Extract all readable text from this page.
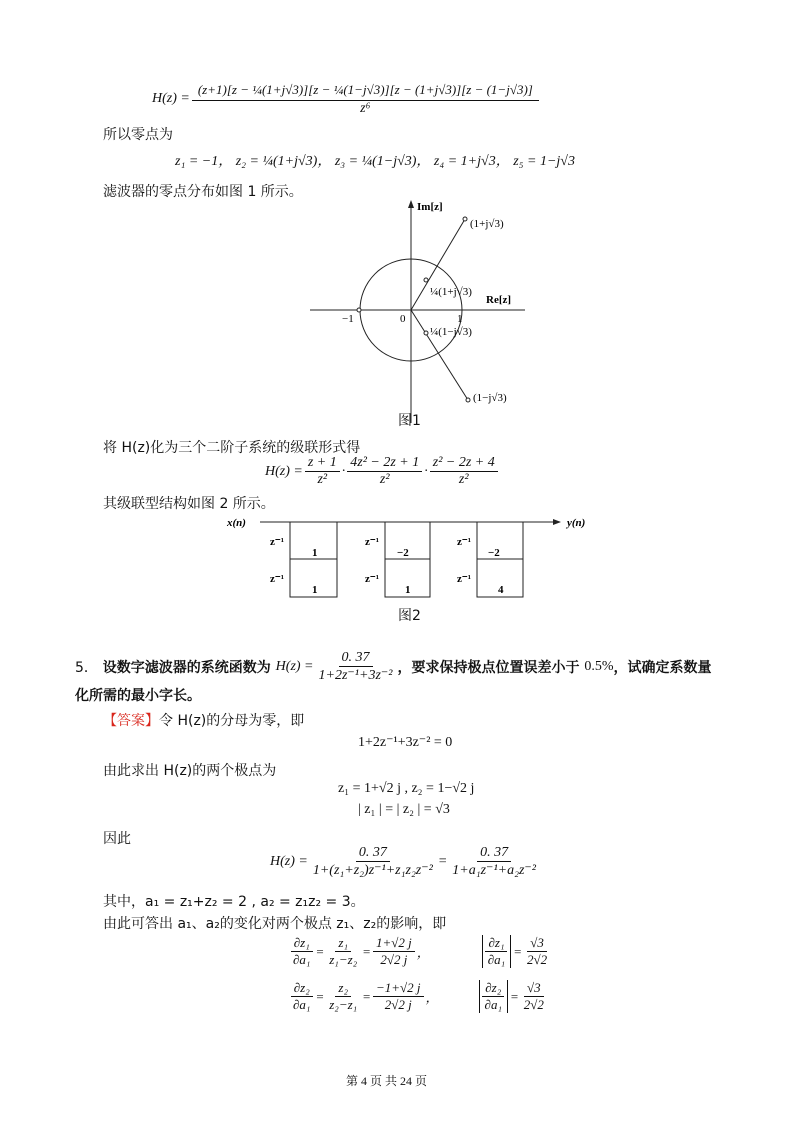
$H(z) = \frac{\text{(z+1)[z − ¼(1+j√3)][z − ¼(1−j√3)][z − (1+j√3)][z − (1−j√3)]}}{\text{z⁶}}$
所以零点为
z₁ = −1， z₂ = ¼(1+j√3)， z₃ = ¼(1−j√3)， z₄ = 1+j√3， z₅ = 1−j√3
滤波器的零点分布如图 1 所示。
Im[z]
Re[z]
−1	0	1
(1+j√3)
(1−j√3)
¼(1+j√3)
¼(1−j√3)
图1
将 H(z)化为三个二阶子系统的级联形式得
$H(z) = \frac{z + 1}{\text{z²}} \cdot \frac{\text{4z² − 2z + 1}}{\text{z²}} \cdot \frac{\text{z² − 2z + 4}}{\text{z²}}$
其级联型结构如图 2 所示。
x(n)	y(n)
z⁻¹
z⁻¹
z⁻¹
z⁻¹
z⁻¹
z⁻¹
1
1
−2
1
−2
4
图2
5．
设数字滤波器的系统函数为
$H(z) = \frac{0. 37}{\text{1+2z⁻¹+3z⁻²}}$ ，要求保持极点位置误差小于
0.5% ，试确定系数量
化所需的最小字长。
【答案】令 H(z)的分母为零，即
1+2z⁻¹+3z⁻² = 0
由此求出 H(z)的两个极点为
z₁ = 1+√2 j , z₂ = 1−√2 j
| z₁ | = | z₂ | = √3
因此
$H(z) = \frac{0. 37}{\text{1+(z₁+z₂)z⁻¹+z₁z₂z⁻²}} = \frac{0. 37}{\text{1+a₁z⁻¹+a₂z⁻²}}$
其中，a₁ = z₁+z₂ = 2 , a₂ = z₁z₂ = 3。
由此可答出 a₁、a₂的变化对两个极点 z₁、z₂的影响，即
$\frac{\text{∂z₁}}{\text{∂a₁}} = \frac{\text{z₁}}{\text{z₁−z₂}} = \frac{1+√2 j}{2√2 j}$ ，	$\frac{\text{∂z₁}}{\text{∂a₁}} = \frac{√3}{2√2}$
$\frac{\text{∂z₂}}{\text{∂a₁}} = \frac{\text{z₂}}{\text{z₂−z₁}} = \frac{-1+√2 j}{2√2 j}$ ，	$\frac{\text{∂z₂}}{\text{∂a₁}} = \frac{√3}{2√2}$
第 4 页 共 24 页
